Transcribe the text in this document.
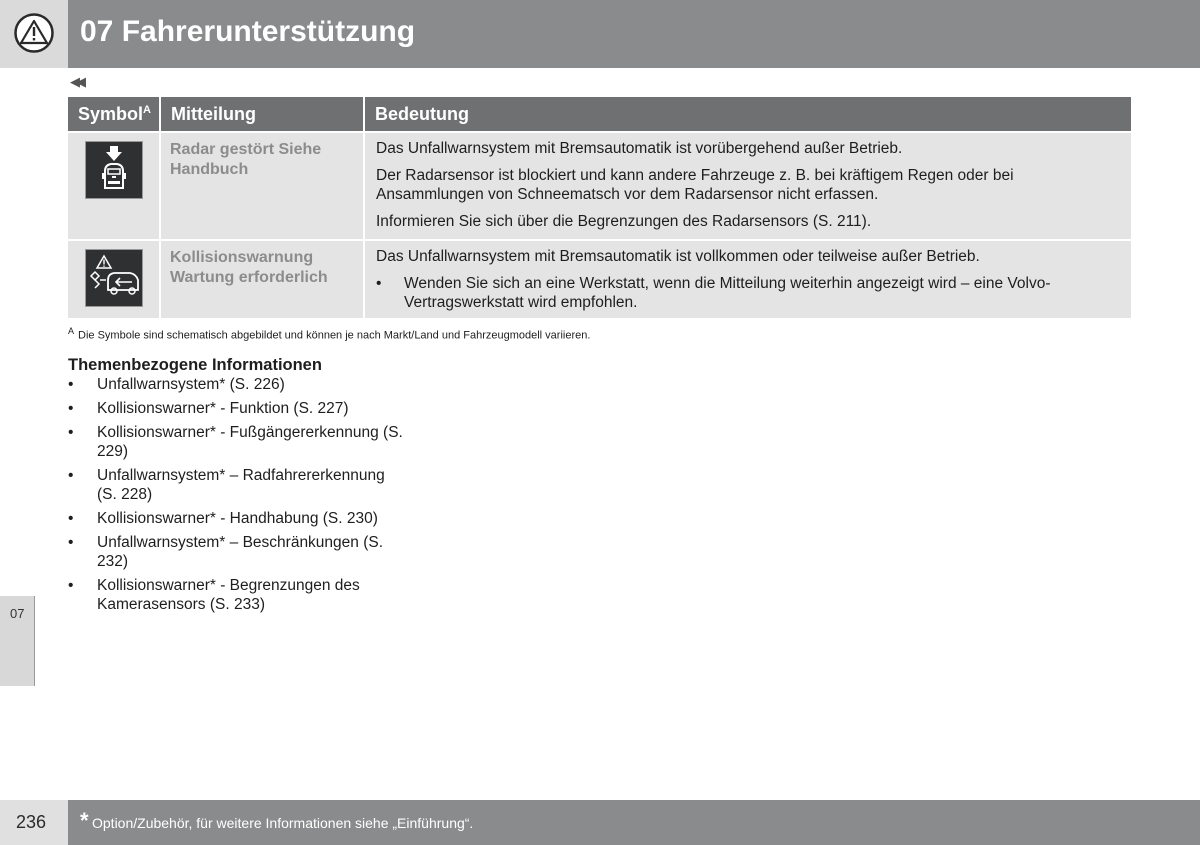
07 Fahrerunterstützung
◀◀
Symbol$^A$	Mitteilung	Bedeutung

Radar gestört Siehe Handbuch	Das Unfallwarnsystem mit Bremsautomatik ist vorübergehend außer Betrieb.

Der Radarsensor ist blockiert und kann andere Fahrzeuge z. B. bei kräftigem Regen oder bei Ansammlungen von Schneematsch vor dem Radarsensor nicht erfassen.

Informieren Sie sich über die Begrenzungen des Radarsensors (S. 211).

Kollisionswarnung Wartung erforderlich	Das Unfallwarnsystem mit Bremsautomatik ist vollkommen oder teilweise außer Betrieb.

• Wenden Sie sich an eine Werkstatt, wenn die Mitteilung weiterhin angezeigt wird – eine Volvo-Vertragswerkstatt wird empfohlen.
$^A$ Die Symbole sind schematisch abgebildet und können je nach Markt/Land und Fahrzeugmodell variieren.
Themenbezogene Informationen
•	Unfallwarnsystem* (S. 226)
•	Kollisionswarner* - Funktion (S. 227)
•	Kollisionswarner* - Fußgängererkennung (S. 229)
•	Unfallwarnsystem* – Radfahrererkennung (S. 228)
•	Kollisionswarner* - Handhabung (S. 230)
•	Unfallwarnsystem* – Beschränkungen (S. 232)
•	Kollisionswarner* - Begrenzungen des Kamerasensors (S. 233)
07
236 * Option/Zubehör, für weitere Informationen siehe „Einführung“.
